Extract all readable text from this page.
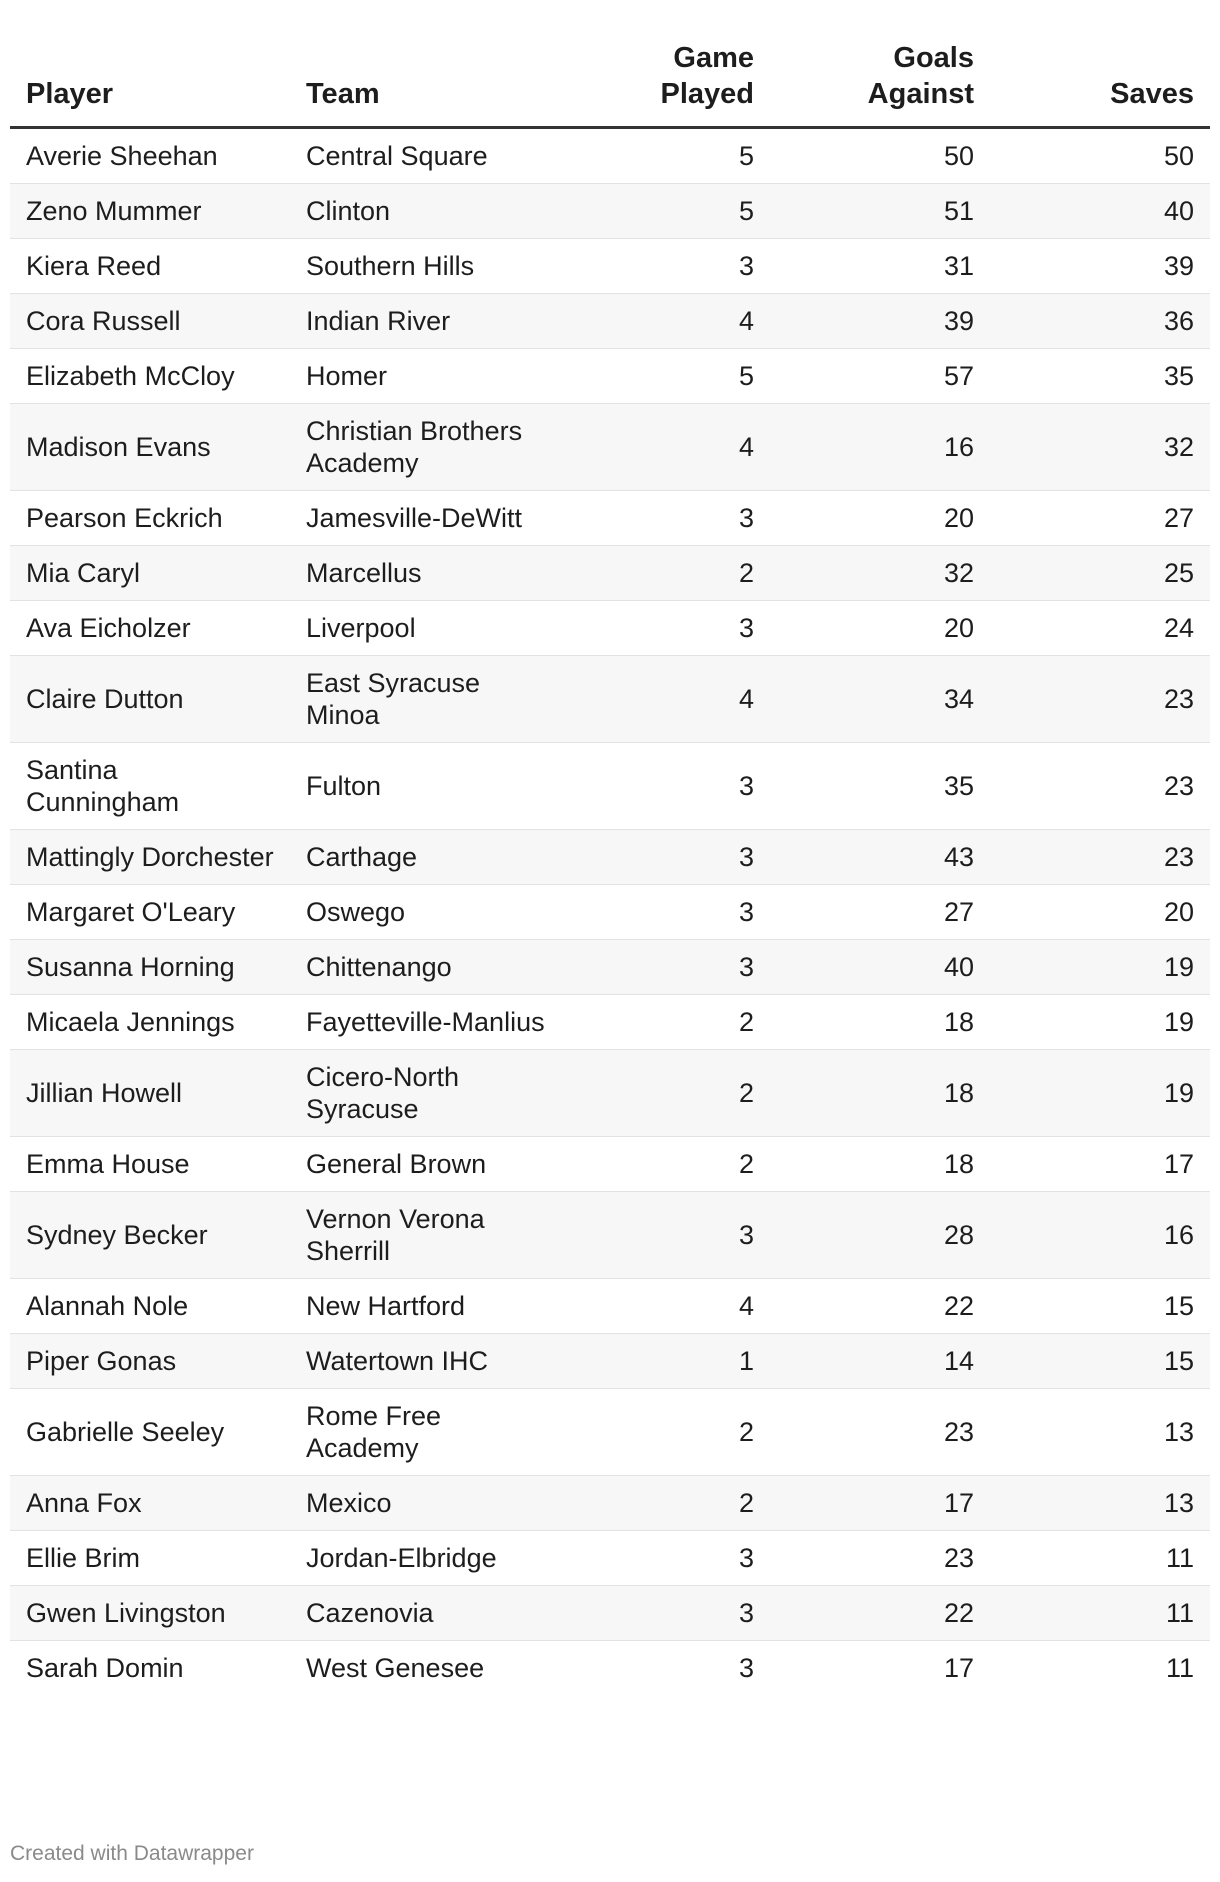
Player	Team	Game Played	Goals Against	Saves
Averie Sheehan	Central Square	5	50	50
Zeno Mummer	Clinton	5	51	40
Kiera Reed	Southern Hills	3	31	39
Cora Russell	Indian River	4	39	36
Elizabeth McCloy	Homer	5	57	35
Madison Evans	Christian Brothers Academy	4	16	32
Pearson Eckrich	Jamesville-DeWitt	3	20	27
Mia Caryl	Marcellus	2	32	25
Ava Eicholzer	Liverpool	3	20	24
Claire Dutton	East Syracuse Minoa	4	34	23
Santina Cunningham	Fulton	3	35	23
Mattingly Dorchester	Carthage	3	43	23
Margaret O'Leary	Oswego	3	27	20
Susanna Horning	Chittenango	3	40	19
Micaela Jennings	Fayetteville-Manlius	2	18	19
Jillian Howell	Cicero-North Syracuse	2	18	19
Emma House	General Brown	2	18	17
Sydney Becker	Vernon Verona Sherrill	3	28	16
Alannah Nole	New Hartford	4	22	15
Piper Gonas	Watertown IHC	1	14	15
Gabrielle Seeley	Rome Free Academy	2	23	13
Anna Fox	Mexico	2	17	13
Ellie Brim	Jordan-Elbridge	3	23	11
Gwen Livingston	Cazenovia	3	22	11
Sarah Domin	West Genesee	3	17	11
Created with Datawrapper
